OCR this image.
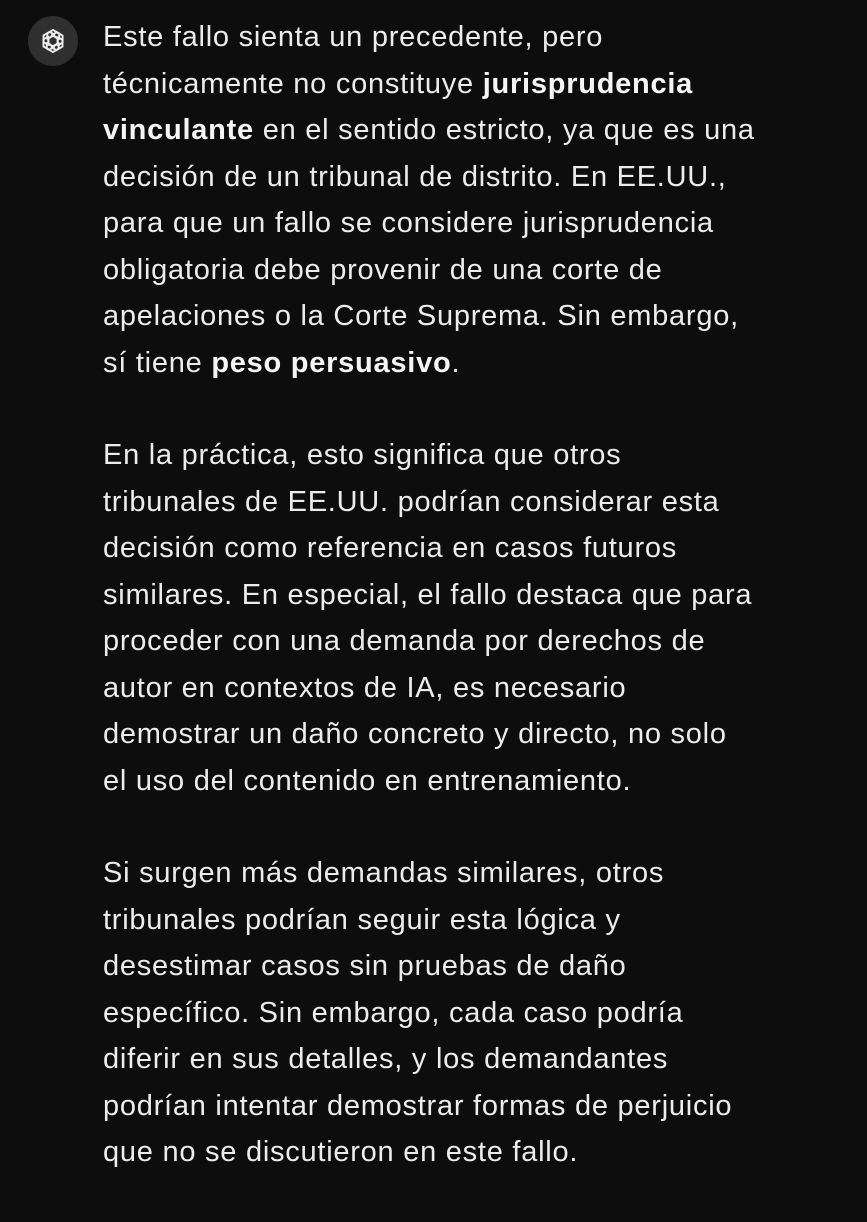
Este fallo sienta un precedente, pero
técnicamente no constituye jurisprudencia
vinculante en el sentido estricto, ya que es una
decisión de un tribunal de distrito. En EE.UU.,
para que un fallo se considere jurisprudencia
obligatoria debe provenir de una corte de
apelaciones o la Corte Suprema. Sin embargo,
sí tiene peso persuasivo.

En la práctica, esto significa que otros
tribunales de EE.UU. podrían considerar esta
decisión como referencia en casos futuros
similares. En especial, el fallo destaca que para
proceder con una demanda por derechos de
autor en contextos de IA, es necesario
demostrar un daño concreto y directo, no solo
el uso del contenido en entrenamiento.

Si surgen más demandas similares, otros
tribunales podrían seguir esta lógica y
desestimar casos sin pruebas de daño
específico. Sin embargo, cada caso podría
diferir en sus detalles, y los demandantes
podrían intentar demostrar formas de perjuicio
que no se discutieron en este fallo.
